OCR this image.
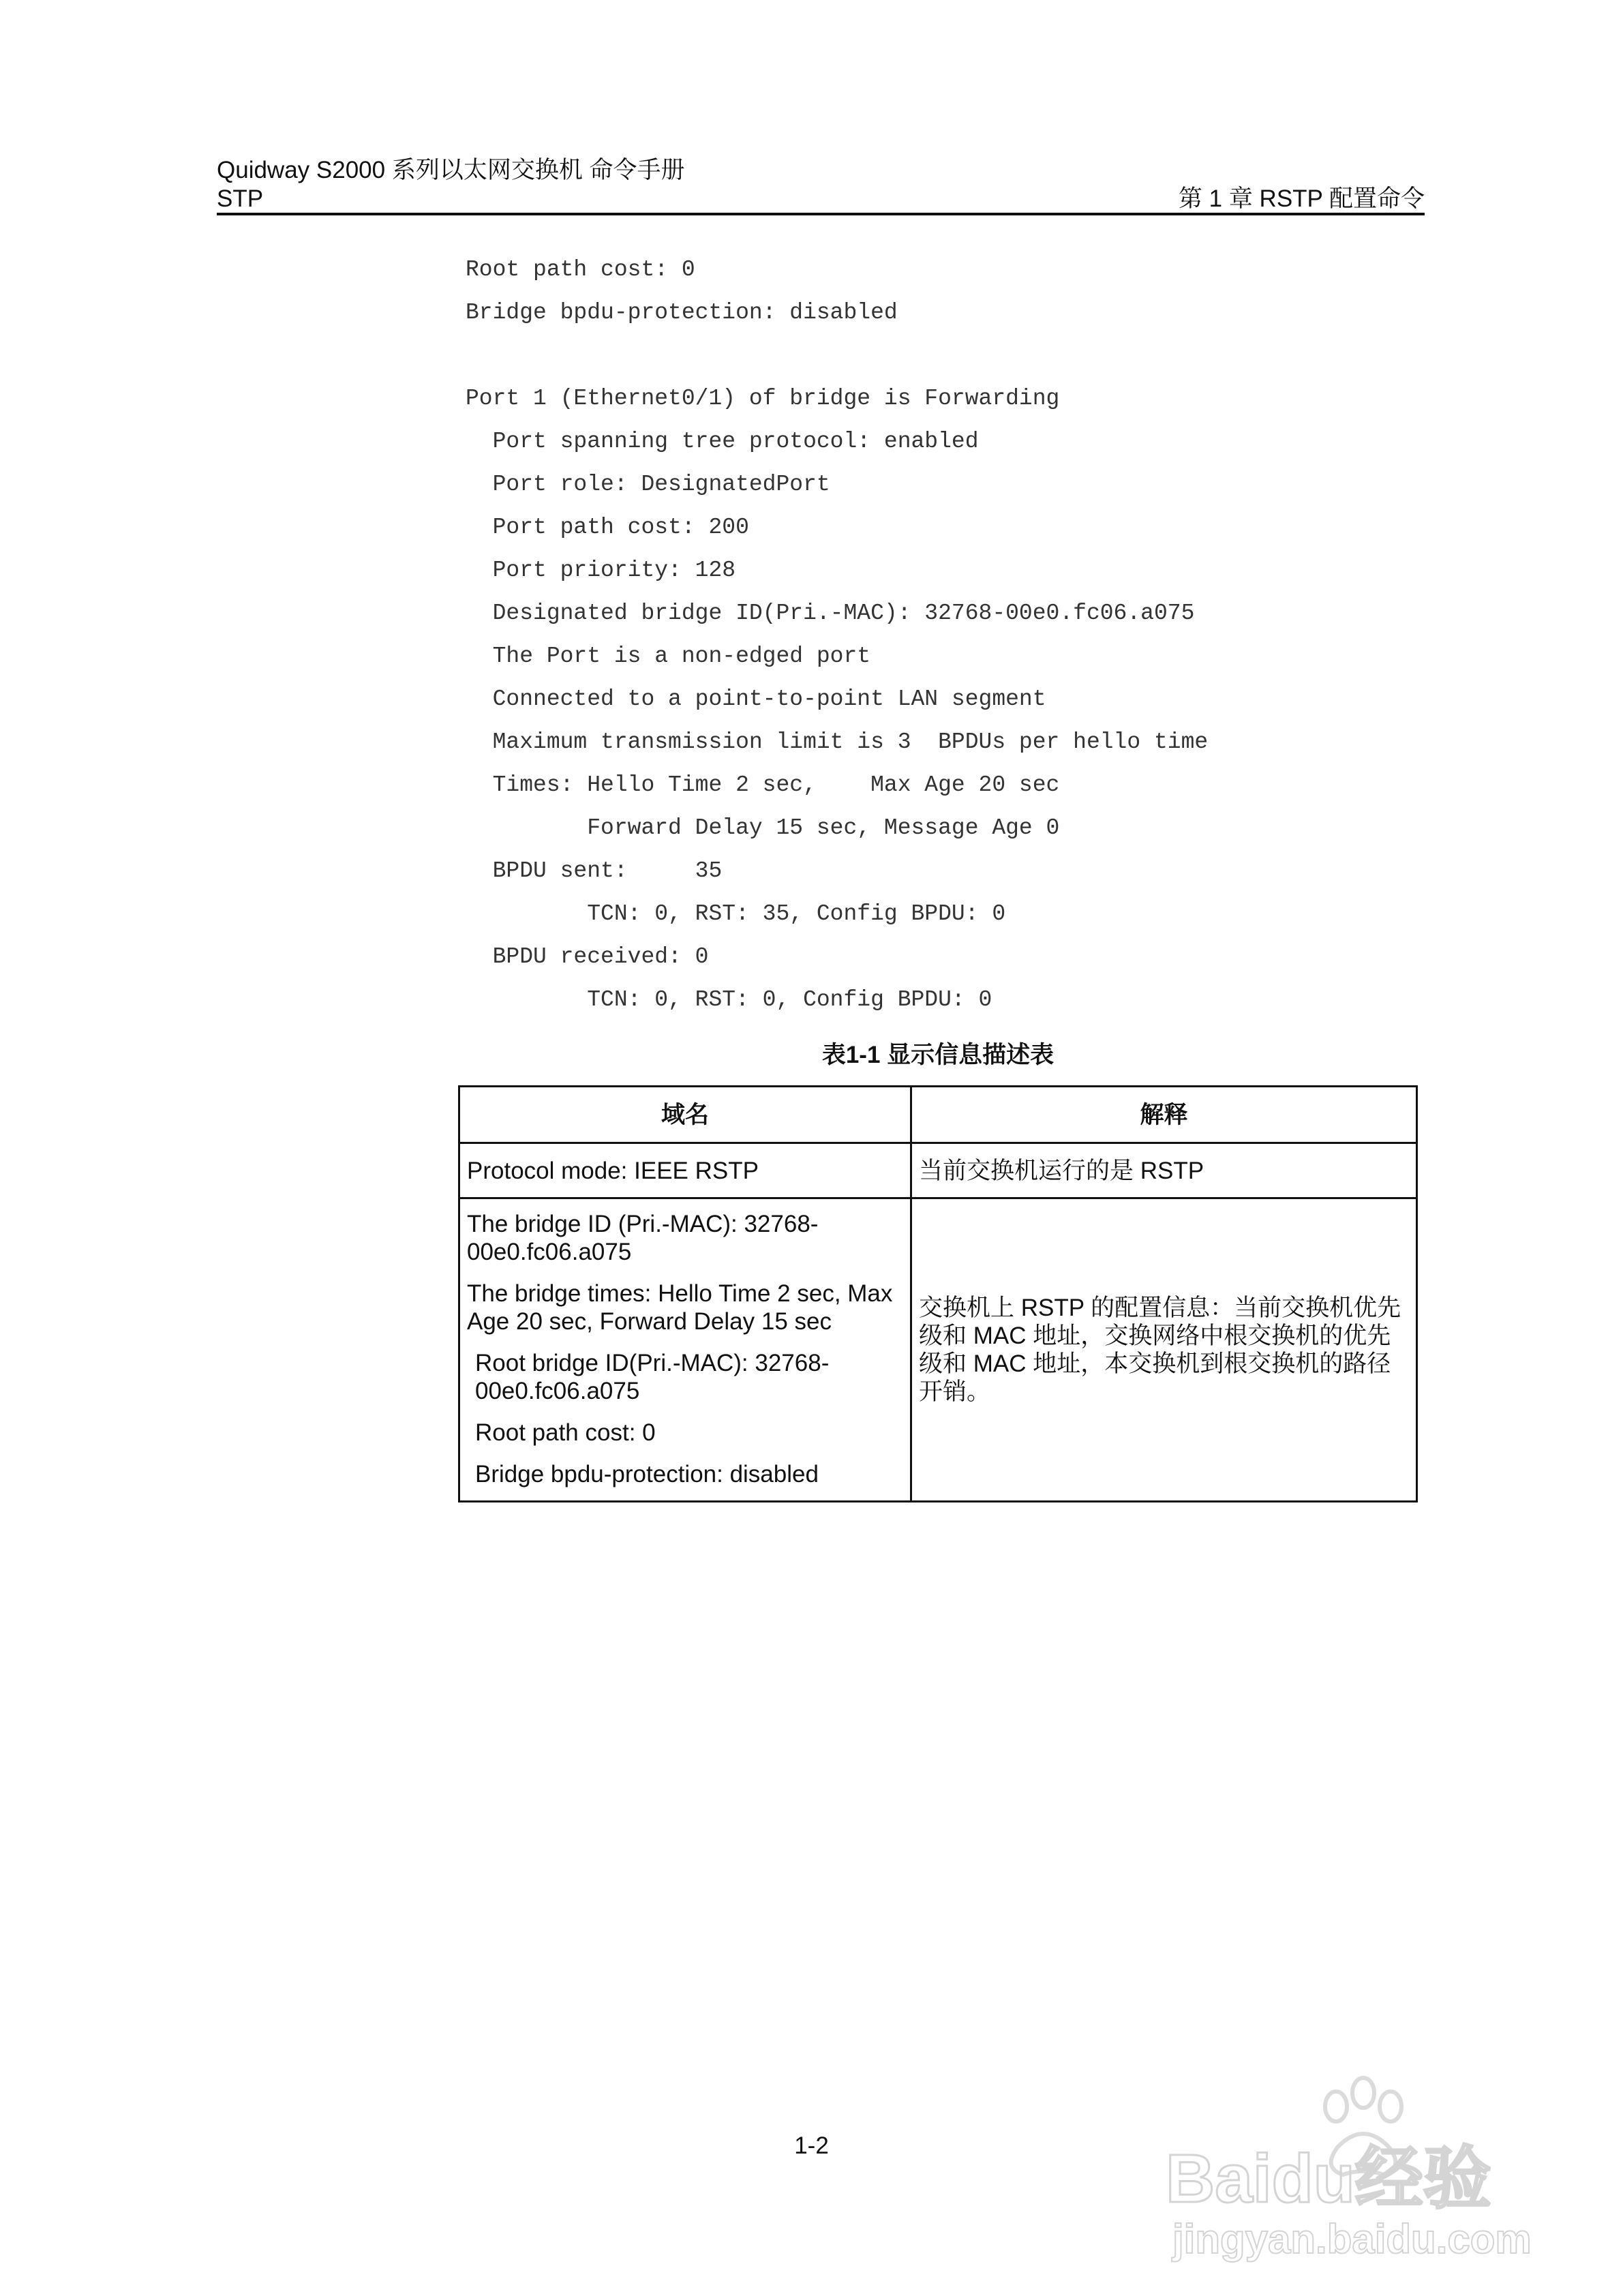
Quidway S2000 系列以太网交换机 命令手册
STP	第 1 章 RSTP 配置命令
Root path cost: 0
Bridge bpdu-protection: disabled
Port 1 (Ethernet0/1) of bridge is Forwarding
Port spanning tree protocol: enabled
Port role: DesignatedPort
Port path cost: 200
Port priority: 128
Designated bridge ID(Pri.-MAC): 32768-00e0.fc06.a075
The Port is a non-edged port
Connected to a point-to-point LAN segment
Maximum transmission limit is 3  BPDUs per hello time
Times: Hello Time 2 sec,    Max Age 20 sec
Forward Delay 15 sec, Message Age 0
BPDU sent:     35
TCN: 0, RST: 35, Config BPDU: 0
BPDU received: 0
TCN: 0, RST: 0, Config BPDU: 0
表1-1 显示信息描述表
域名	解释
Protocol mode: IEEE RSTP	当前交换机运行的是 RSTP

The bridge ID (Pri.-MAC): 32768-00e0.fc06.a075
The bridge times: Hello Time 2 sec, Max Age 20 sec, Forward Delay 15 sec
Root bridge ID(Pri.-MAC): 32768-00e0.fc06.a075
Root path cost: 0
Bridge bpdu-protection: disabled	交换机上 RSTP 的配置信息：当前交换机优先级和 MAC 地址，交换网络中根交换机的优先级和 MAC 地址，本交换机到根交换机的路径开销。
1-2	Baidu经验
jingyan.baidu.com
